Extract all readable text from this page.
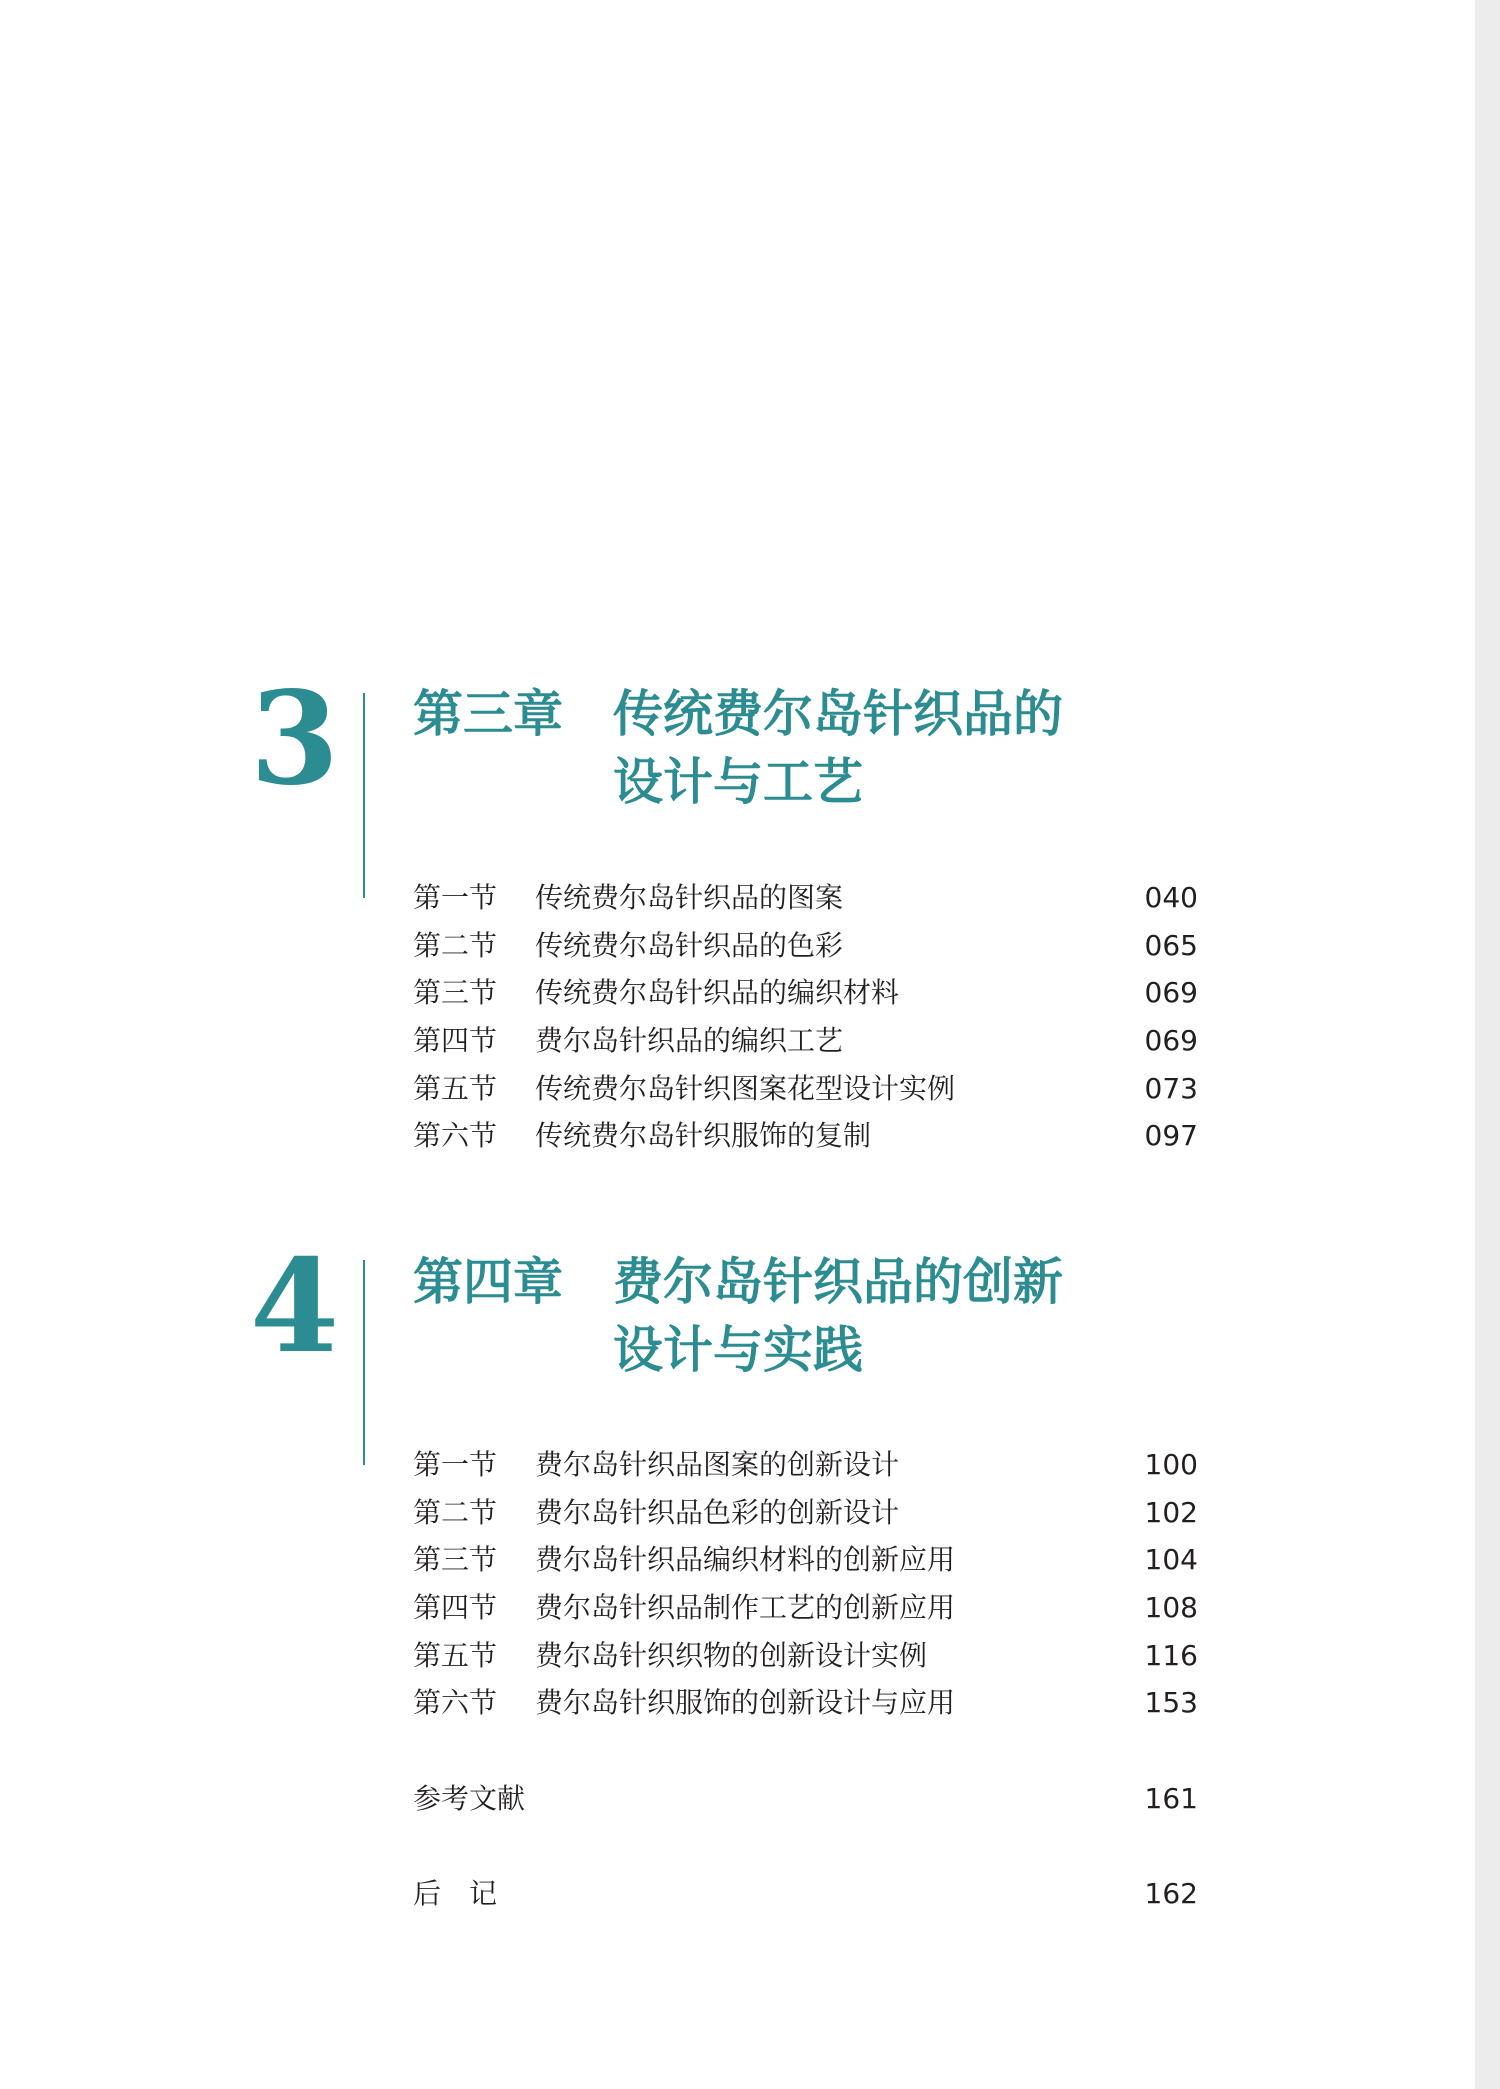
3 第三章 传统费尔岛针织品的
设计与工艺
第一节 传统费尔岛针织品的图案	040
第二节 传统费尔岛针织品的色彩	065
第三节 传统费尔岛针织品的编织材料	069
第四节 费尔岛针织品的编织工艺	069
第五节 传统费尔岛针织图案花型设计实例	073
第六节 传统费尔岛针织服饰的复制	097
4 第四章 费尔岛针织品的创新
设计与实践
第一节 费尔岛针织品图案的创新设计	100
第二节 费尔岛针织品色彩的创新设计	102
第三节 费尔岛针织品编织材料的创新应用	104
第四节 费尔岛针织品制作工艺的创新应用	108
第五节 费尔岛针织织物的创新设计实例	116
第六节 费尔岛针织服饰的创新设计与应用	153
参考文献	161
后　记	162
